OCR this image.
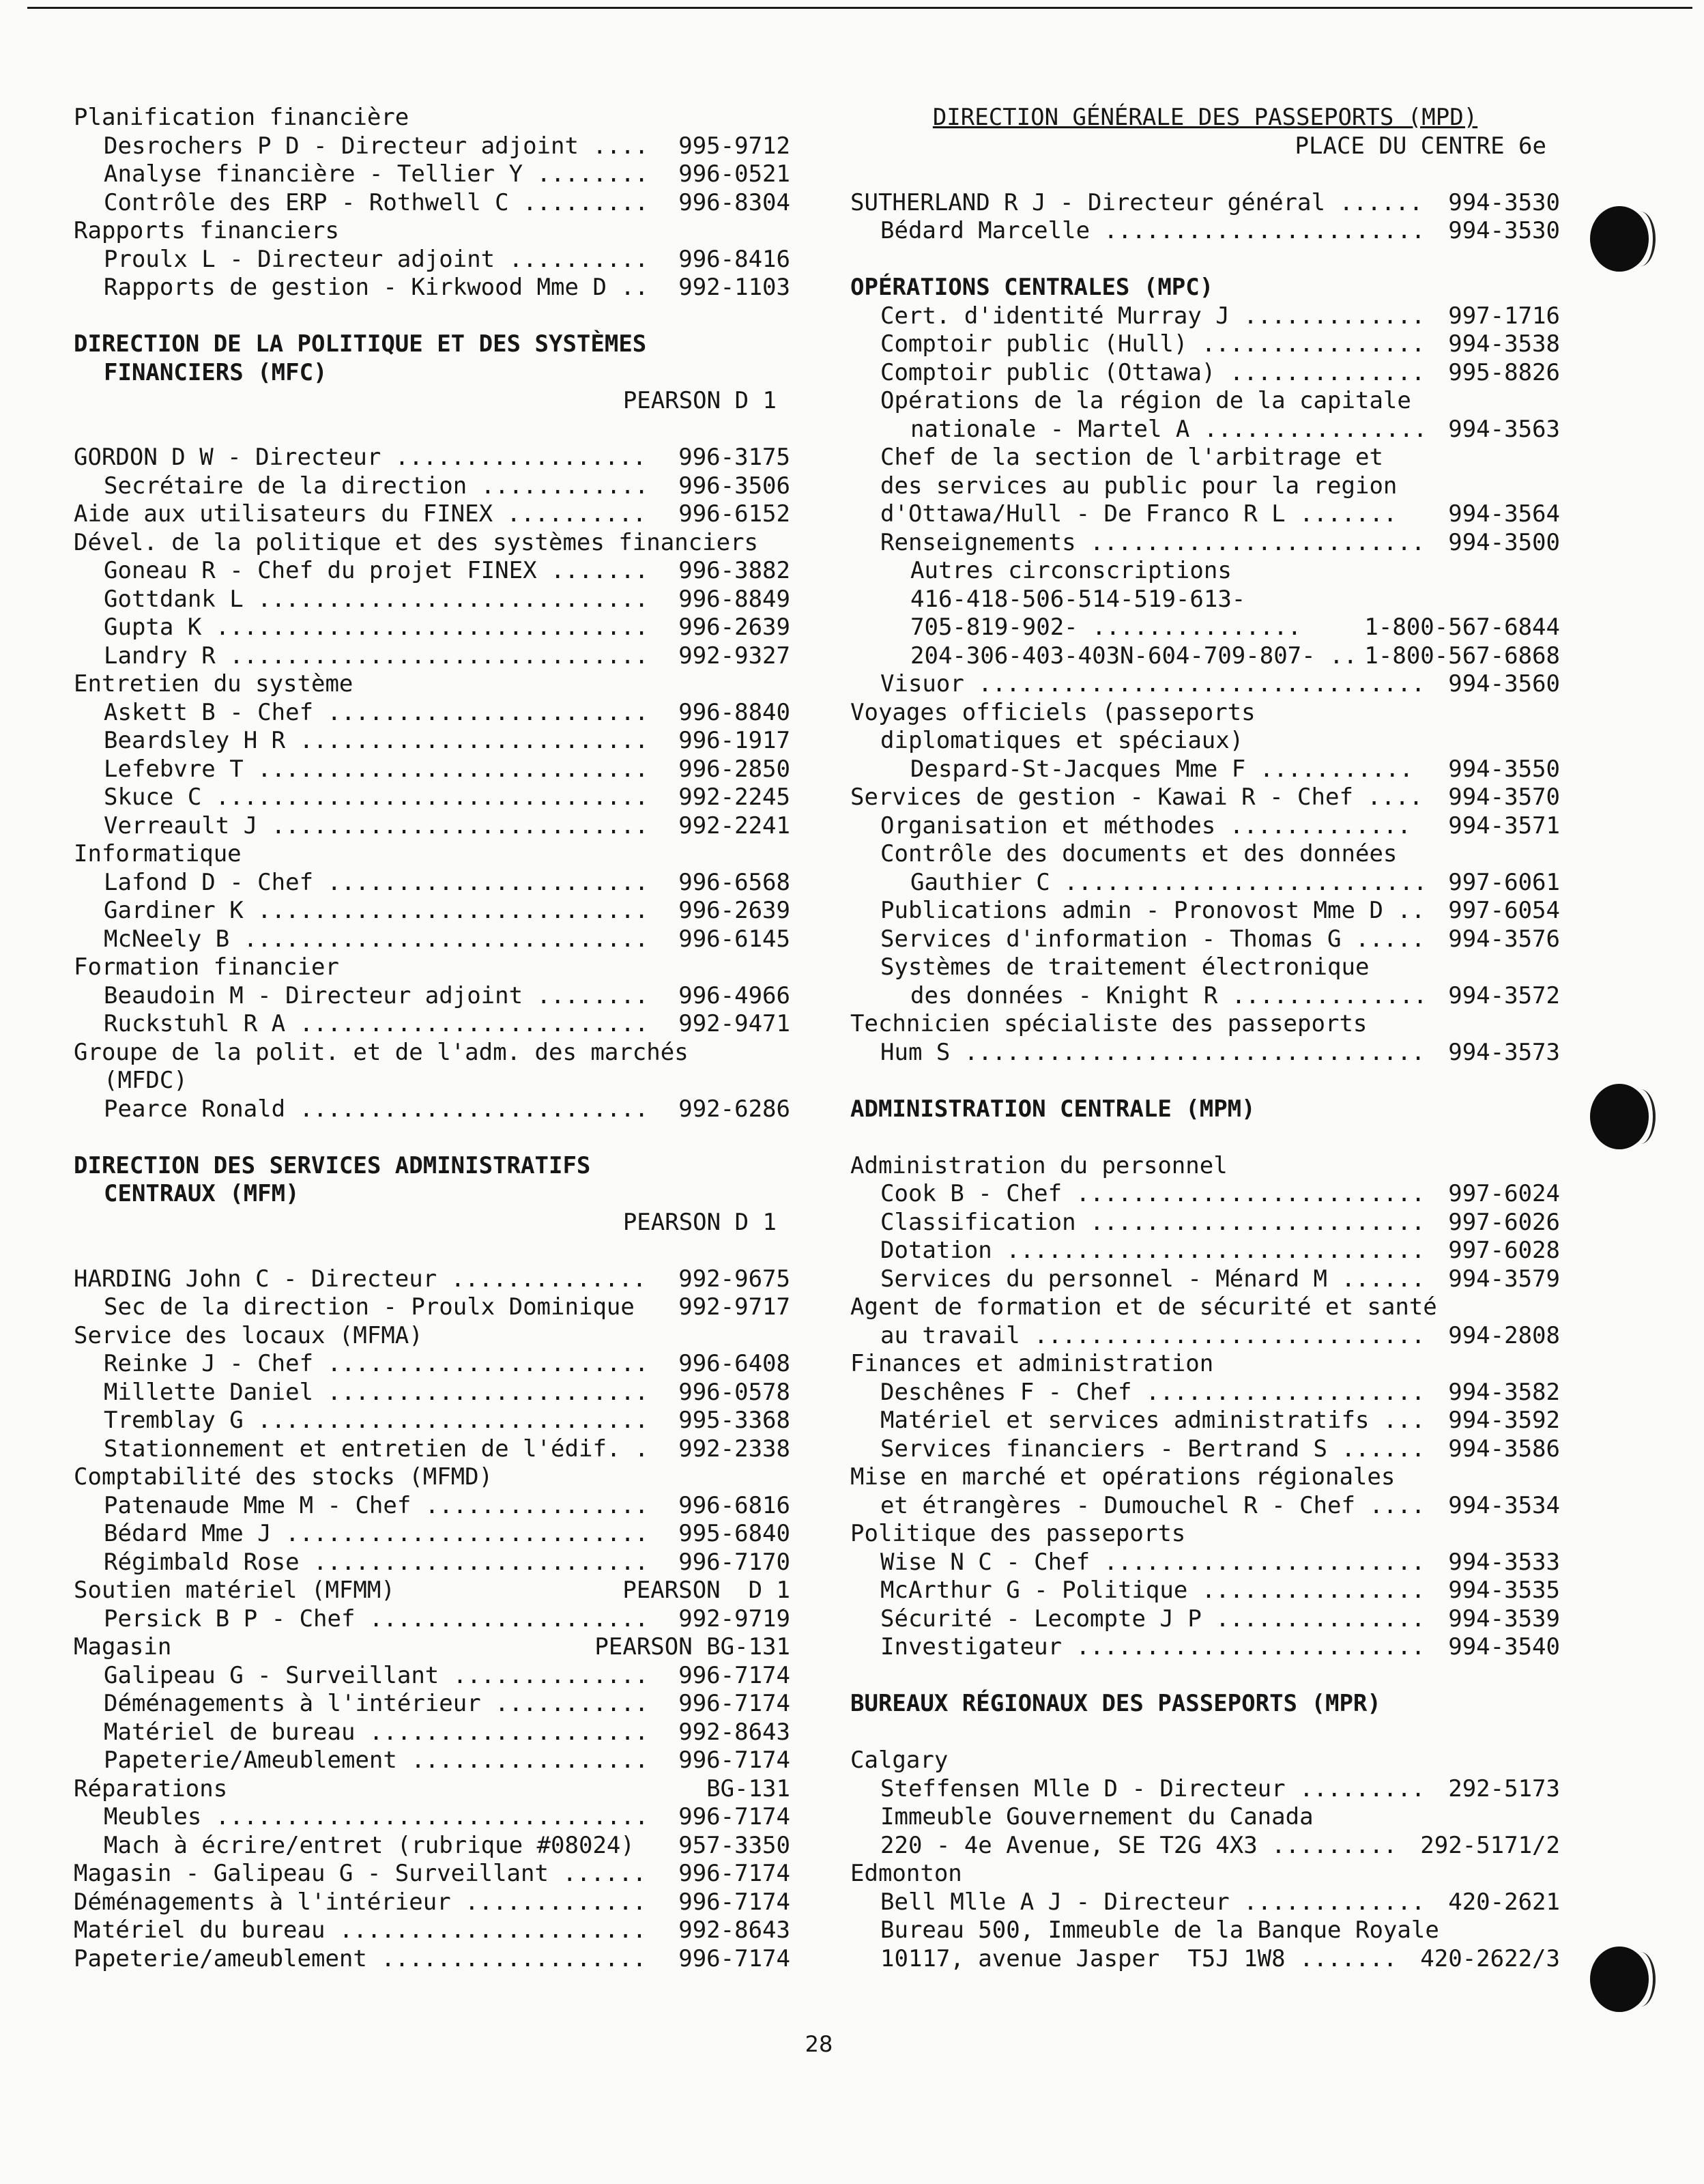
Planification financière
Desrochers P D - Directeur adjoint .... 995-9712
Analyse financière - Tellier Y ........ 996-0521
Contrôle des ERP - Rothwell C ......... 996-8304
Rapports financiers
Proulx L - Directeur adjoint .......... 996-8416
Rapports de gestion - Kirkwood Mme D .. 992-1103
DIRECTION DE LA POLITIQUE ET DES SYSTÈMES
FINANCIERS (MFC)
PEARSON D 1
GORDON D W - Directeur .................. 996-3175
Secrétaire de la direction ............ 996-3506
Aide aux utilisateurs du FINEX .......... 996-6152
Dével. de la politique et des systèmes financiers
Goneau R - Chef du projet FINEX ....... 996-3882
Gottdank L ............................ 996-8849
Gupta K ............................... 996-2639
Landry R .............................. 992-9327
Entretien du système
Askett B - Chef ....................... 996-8840
Beardsley H R ......................... 996-1917
Lefebvre T ............................ 996-2850
Skuce C ............................... 992-2245
Verreault J ........................... 992-2241
Informatique
Lafond D - Chef ....................... 996-6568
Gardiner K ............................ 996-2639
McNeely B ............................. 996-6145
Formation financier
Beaudoin M - Directeur adjoint ........ 996-4966
Ruckstuhl R A ......................... 992-9471
Groupe de la polit. et de l'adm. des marchés
(MFDC)
Pearce Ronald ......................... 992-6286
DIRECTION DES SERVICES ADMINISTRATIFS
CENTRAUX (MFM)
PEARSON D 1
HARDING John C - Directeur .............. 992-9675
Sec de la direction - Proulx Dominique 992-9717
Service des locaux (MFMA)
Reinke J - Chef ....................... 996-6408
Millette Daniel ....................... 996-0578
Tremblay G ............................ 995-3368
Stationnement et entretien de l'édif. . 992-2338
Comptabilité des stocks (MFMD)
Patenaude Mme M - Chef ................ 996-6816
Bédard Mme J .......................... 995-6840
Régimbald Rose ........................ 996-7170
Soutien matériel (MFMM)	PEARSON  D 1
Persick B P - Chef .................... 992-9719
Magasin	PEARSON BG-131
Galipeau G - Surveillant .............. 996-7174
Déménagements à l'intérieur ........... 996-7174
Matériel de bureau .................... 992-8643
Papeterie/Ameublement ................. 996-7174
Réparations	BG-131
Meubles ............................... 996-7174
Mach à écrire/entret (rubrique #08024) 957-3350
Magasin - Galipeau G - Surveillant ...... 996-7174
Déménagements à l'intérieur ............. 996-7174
Matériel du bureau ...................... 992-8643
Papeterie/ameublement ................... 996-7174
DIRECTION GÉNÉRALE DES PASSEPORTS (MPD)
PLACE DU CENTRE 6e
SUTHERLAND R J - Directeur général ...... 994-3530
Bédard Marcelle ....................... 994-3530
OPÉRATIONS CENTRALES (MPC)
Cert. d'identité Murray J ............. 997-1716
Comptoir public (Hull) ................ 994-3538
Comptoir public (Ottawa) .............. 995-8826
Opérations de la région de la capitale
nationale - Martel A ................ 994-3563
Chef de la section de l'arbitrage et
des services au public pour la region
d'Ottawa/Hull - De Franco R L ....... 994-3564
Renseignements ........................ 994-3500
Autres circonscriptions
416-418-506-514-519-613-
705-819-902- ...............	1-800-567-6844
204-306-403-403N-604-709-807- .. 1-800-567-6868
Visuor ................................ 994-3560
Voyages officiels (passeports
diplomatiques et spéciaux)
Despard-St-Jacques Mme F ........... 994-3550
Services de gestion - Kawai R - Chef .... 994-3570
Organisation et méthodes ............. 994-3571
Contrôle des documents et des données
Gauthier C .......................... 997-6061
Publications admin - Pronovost Mme D .. 997-6054
Services d'information - Thomas G ..... 994-3576
Systèmes de traitement électronique
des données - Knight R .............. 994-3572
Technicien spécialiste des passeports
Hum S ................................. 994-3573
ADMINISTRATION CENTRALE (MPM)
Administration du personnel
Cook B - Chef ......................... 997-6024
Classification ........................ 997-6026
Dotation .............................. 997-6028
Services du personnel - Ménard M ...... 994-3579
Agent de formation et de sécurité et santé
au travail ............................ 994-2808
Finances et administration
Deschênes F - Chef .................... 994-3582
Matériel et services administratifs ... 994-3592
Services financiers - Bertrand S ...... 994-3586
Mise en marché et opérations régionales
et étrangères - Dumouchel R - Chef .... 994-3534
Politique des passeports
Wise N C - Chef ....................... 994-3533
McArthur G - Politique ................ 994-3535
Sécurité - Lecompte J P ............... 994-3539
Investigateur ......................... 994-3540
BUREAUX RÉGIONAUX DES PASSEPORTS (MPR)
Calgary
Steffensen Mlle D - Directeur ......... 292-5173
Immeuble Gouvernement du Canada
220 - 4e Avenue, SE T2G 4X3 ......... 292-5171/2
Edmonton
Bell Mlle A J - Directeur ............. 420-2621
Bureau 500, Immeuble de la Banque Royale
10117, avenue Jasper  T5J 1W8 ....... 420-2622/3
28
